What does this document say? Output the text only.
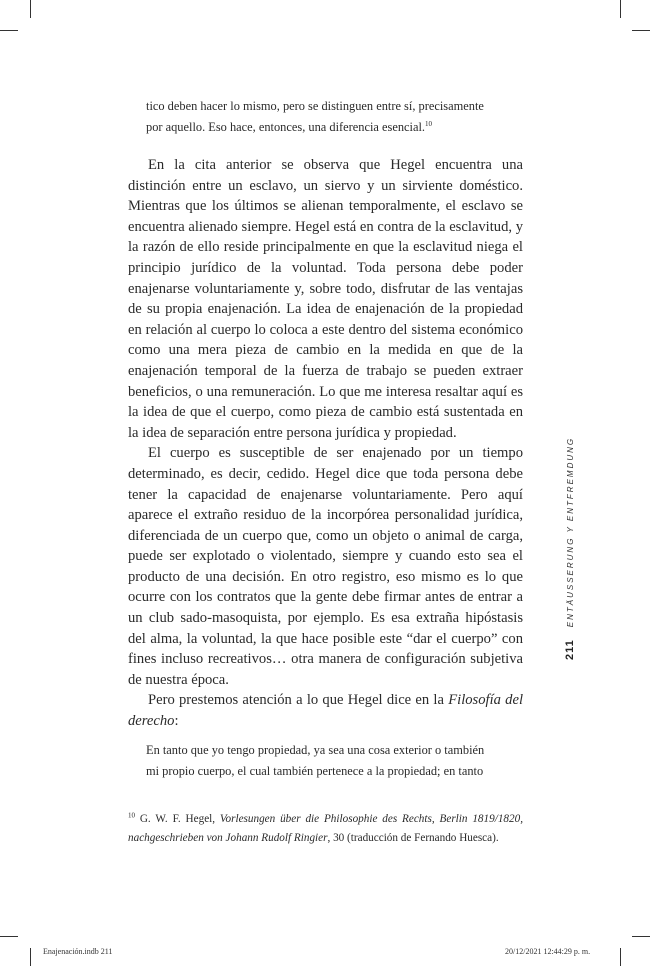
tico deben hacer lo mismo, pero se distinguen entre sí, precisamente

por aquello. Eso hace, entonces, una diferencia esencial.$^{10}$

En la cita anterior se observa que Hegel encuentra una distinción entre un esclavo, un siervo y un sirviente doméstico. Mientras que los últimos se alienan temporalmente, el esclavo se encuentra alienado siempre. Hegel está en contra de la esclavitud, y la razón de ello reside principalmente en que la esclavitud niega el principio jurídico de la voluntad. Toda persona debe poder enajenarse voluntariamente y, sobre todo, disfrutar de las ventajas de su propia enajenación. La idea de enajenación de la propiedad en relación al cuerpo lo coloca a este dentro del sistema económico como una mera pieza de cambio en la medida en que de la enajenación temporal de la fuerza de trabajo se pueden extraer beneficios, o una remuneración. Lo que me interesa resaltar aquí es la idea de que el cuerpo, como pieza de cambio está sustentada en la idea de separación entre persona jurídica y propiedad.

El cuerpo es susceptible de ser enajenado por un tiempo determinado, es decir, cedido. Hegel dice que toda persona debe tener la capacidad de enajenarse voluntariamente. Pero aquí aparece el extraño residuo de la incorpórea personalidad jurídica, diferenciada de un cuerpo que, como un objeto o animal de carga, puede ser explotado o violentado, siempre y cuando esto sea el producto de una decisión. En otro registro, eso mismo es lo que ocurre con los contratos que la gente debe firmar antes de entrar a un club sado-masoquista, por ejemplo. Es esa extraña hipóstasis del alma, la voluntad, la que hace posible este “dar el cuerpo” con fines incluso recreativos… otra manera de configuración subjetiva de nuestra época.

Pero prestemos atención a lo que Hegel dice en la Filosofía del derecho:

En tanto que yo tengo propiedad, ya sea una cosa exterior o también

mi propio cuerpo, el cual también pertenece a la propiedad; en tanto

$^{10}$ G. W. F. Hegel, Vorlesungen über die Philosophie des Rechts, Berlin 1819/1820, nachgeschrieben von Johann Rudolf Ringier, 30 (traducción de Fernando Huesca).

211
ENTÄUSSERUNG Y ENTFREMDUNG
Enajenación.indb 211	20/12/2021 12:44:29 p. m.
